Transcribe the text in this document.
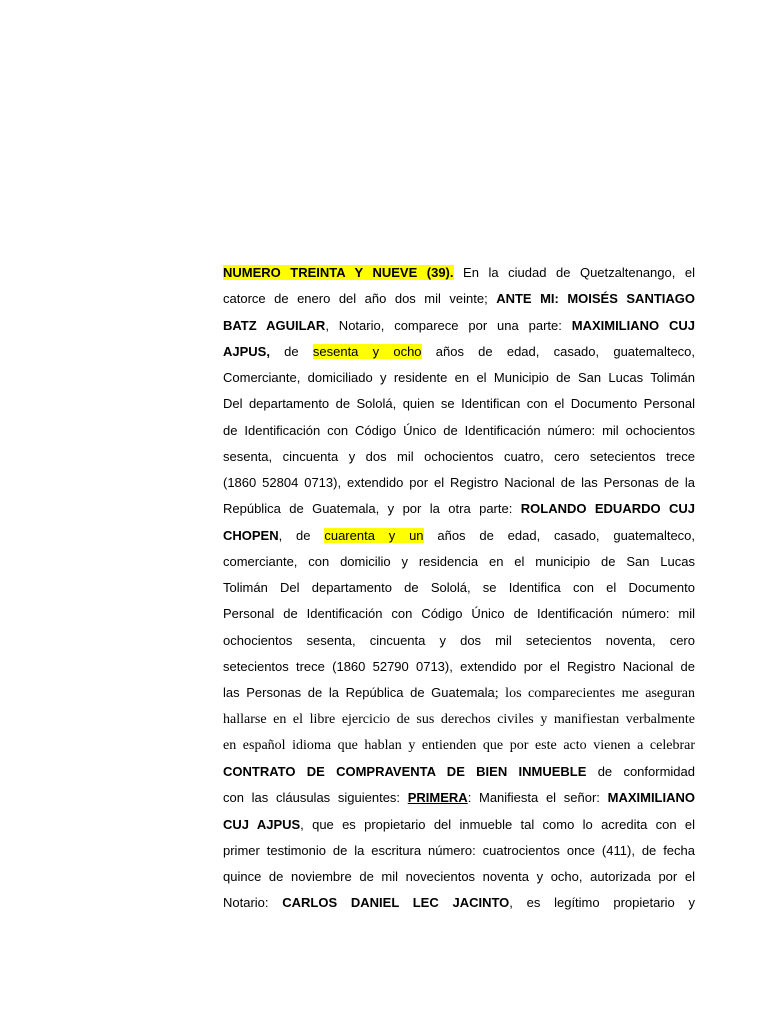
NUMERO TREINTA Y NUEVE (39). En la ciudad de Quetzaltenango, el
catorce de enero del año dos mil veinte; ANTE MI: MOISÉS SANTIAGO
BATZ AGUILAR, Notario, comparece por una parte: MAXIMILIANO CUJ
AJPUS, de sesenta y ocho años de edad, casado, guatemalteco,
Comerciante, domiciliado y residente en el Municipio de San Lucas Tolimán
Del departamento de Sololá, quien se Identifican con el Documento Personal
de Identificación con Código Único de Identificación número: mil ochocientos
sesenta, cincuenta y dos mil ochocientos cuatro, cero setecientos trece
(1860 52804 0713), extendido por el Registro Nacional de las Personas de la
República de Guatemala, y por la otra parte: ROLANDO EDUARDO CUJ
CHOPEN, de cuarenta y un años de edad, casado, guatemalteco,
comerciante, con domicilio y residencia en el municipio de San Lucas
Tolimán Del departamento de Sololá, se Identifica con el Documento
Personal de Identificación con Código Único de Identificación número: mil
ochocientos sesenta, cincuenta y dos mil setecientos noventa, cero
setecientos trece (1860 52790 0713), extendido por el Registro Nacional de
las Personas de la República de Guatemala; los comparecientes me aseguran
hallarse en el libre ejercicio de sus derechos civiles y manifiestan verbalmente
en español idioma que hablan y entienden que por este acto vienen a celebrar
CONTRATO DE COMPRAVENTA DE BIEN INMUEBLE de conformidad
con las cláusulas siguientes: PRIMERA: Manifiesta el señor: MAXIMILIANO
CUJ AJPUS, que es propietario del inmueble tal como lo acredita con el
primer testimonio de la escritura número: cuatrocientos once (411), de fecha
quince de noviembre de mil novecientos noventa y ocho, autorizada por el
Notario: CARLOS DANIEL LEC JACINTO, es legítimo propietario y
